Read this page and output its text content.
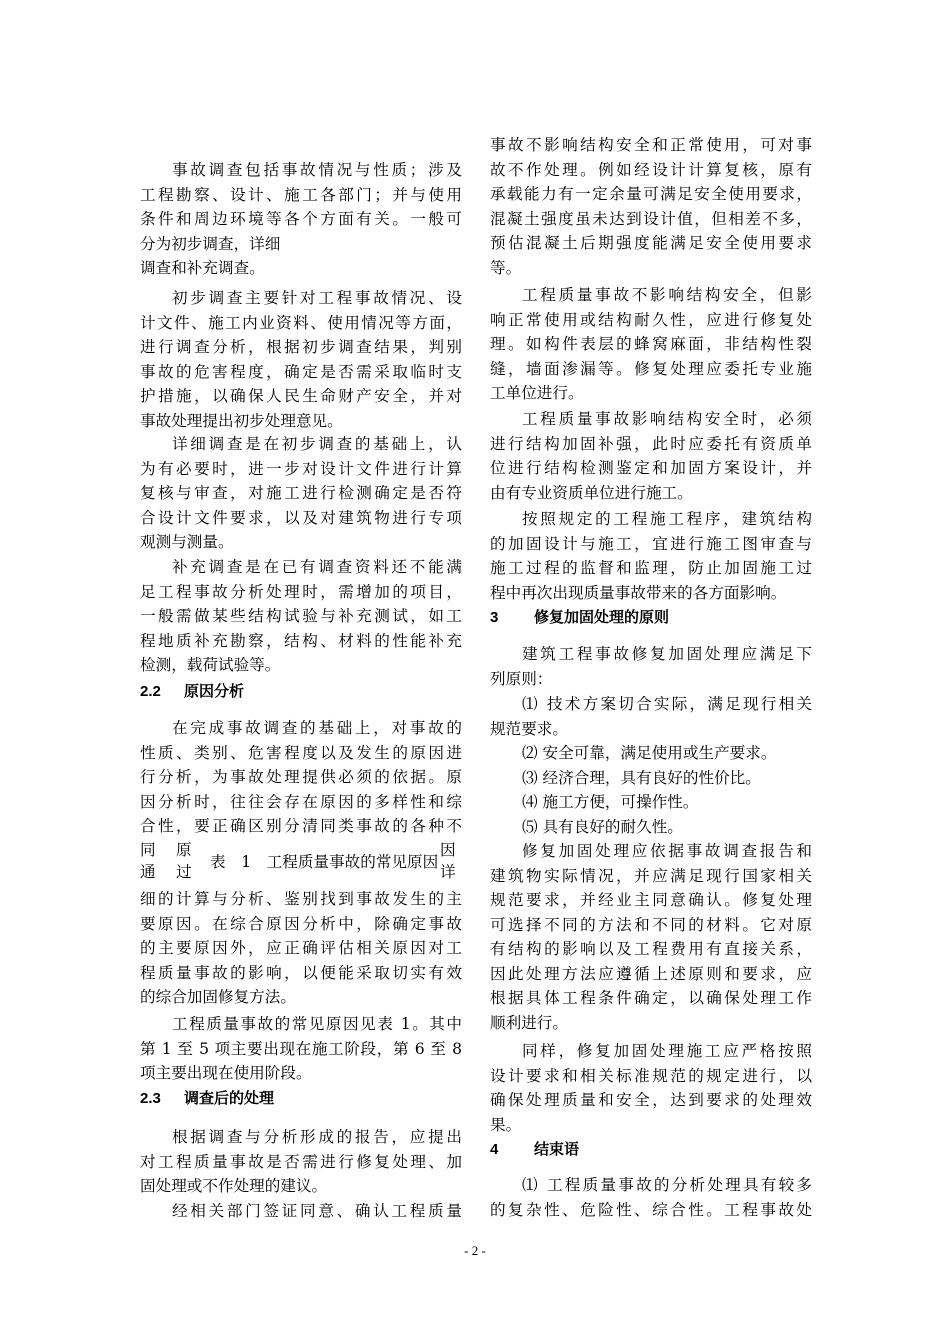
事故调查包括事故情况与性质；涉及
工程勘察、设计、施工各部门；并与使用
条件和周边环境等各个方面有关。一般可
分为初步调查，详细
调查和补充调查。
初步调查主要针对工程事故情况、设
计文件、施工内业资料、使用情况等方面，
进行调查分析，根据初步调查结果，判别
事故的危害程度，确定是否需采取临时支
护措施，以确保人民生命财产安全，并对
事故处理提出初步处理意见。
详细调查是在初步调查的基础上，认
为有必要时，进一步对设计文件进行计算
复核与审查，对施工进行检测确定是否符
合设计文件要求，以及对建筑物进行专项
观测与测量。
补充调查是在已有调查资料还不能满
足工程事故分析处理时，需增加的项目，
一般需做某些结构试验与补充测试，如工
程地质补充勘察，结构、材料的性能补充
检测，载荷试验等。
2.2 原因分析
在完成事故调查的基础上，对事故的
性质、类别、危害程度以及发生的原因进
行分析，为事故处理提供必须的依据。原
因分析时，往往会存在原因的多样性和综
合性，要正确区别分清同类事故的各种不
同 原	因
通 过	详
表　1　工程质量事故的常见原因
细的计算与分析、鉴别找到事故发生的主
要原因。在综合原因分析中，除确定事故
的主要原因外，应正确评估相关原因对工
程质量事故的影响，以便能采取切实有效
的综合加固修复方法。
工程质量事故的常见原因见表 1。其中
第 1 至 5 项主要出现在施工阶段，第 6 至 8
项主要出现在使用阶段。
2.3 调查后的处理
根据调查与分析形成的报告，应提出
对工程质量事故是否需进行修复处理、加
固处理或不作处理的建议。
经相关部门签证同意、确认工程质量
事故不影响结构安全和正常使用，可对事
故不作处理。例如经设计计算复核，原有
承载能力有一定余量可满足安全使用要求，
混凝土强度虽未达到设计值，但相差不多，
预估混凝土后期强度能满足安全使用要求
等。
工程质量事故不影响结构安全，但影
响正常使用或结构耐久性，应进行修复处
理。如构件表层的蜂窝麻面，非结构性裂
缝，墙面渗漏等。修复处理应委托专业施
工单位进行。
工程质量事故影响结构安全时，必须
进行结构加固补强，此时应委托有资质单
位进行结构检测鉴定和加固方案设计，并
由有专业资质单位进行施工。
按照规定的工程施工程序，建筑结构
的加固设计与施工，宜进行施工图审查与
施工过程的监督和监理，防止加固施工过
程中再次出现质量事故带来的各方面影响。
3 修复加固处理的原则
建筑工程事故修复加固处理应满足下
列原则：
⑴ 技术方案切合实际，满足现行相关
规范要求。
⑵ 安全可靠，满足使用或生产要求。
⑶ 经济合理，具有良好的性价比。
⑷ 施工方便，可操作性。
⑸ 具有良好的耐久性。
修复加固处理应依据事故调查报告和
建筑物实际情况，并应满足现行国家相关
规范要求，并经业主同意确认。修复处理
可选择不同的方法和不同的材料。它对原
有结构的影响以及工程费用有直接关系，
因此处理方法应遵循上述原则和要求，应
根据具体工程条件确定，以确保处理工作
顺利进行。
同样，修复加固处理施工应严格按照
设计要求和相关标准规范的规定进行，以
确保处理质量和安全，达到要求的处理效
果。
4 结束语
⑴ 工程质量事故的分析处理具有较多
的复杂性、危险性、综合性。工程事故处
- 2 -
